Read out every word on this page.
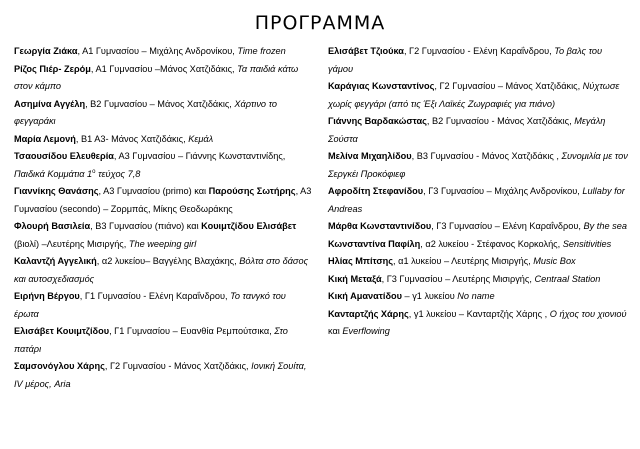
ΠΡΟΓΡΑΜΜΑ
Γεωργία Ζιάκα, Α1 Γυμνασίου – Μιχάλης Ανδρονίκου, Time frozen
Ρίζος Πιέρ- Ζερόμ, Α1 Γυμνασίου –Μάνος Χατζιδάκις, Τα παιδιά κάτω στον κάμπο
Ασημίνα Αγγέλη, Β2 Γυμνασίου – Μάνος Χατζιδάκις, Χάρτινο το φεγγαράκι
Μαρία Λεμονή, Β1 Α3- Μάνος Χατζιδάκις, Κεμάλ
Τσαουσίδου Ελευθερία, Α3 Γυμνασίου – Γιάννης Κωνσταντινίδης, Παιδικά Κομμάτια $1^o$ τεύχος 7,8
Γιαννίκης Θανάσης, Α3 Γυμνασίου (primo) και Παρούσης Σωτήρης, Α3 Γυμνασίου (secondo) – Ζορμπάς, Μίκης Θεοδωράκης
Φλουρή Βασιλεία, Β3 Γυμνασίου (πιάνο) και Κουιμτζίδου Ελισάβετ (βιολί) –Λευτέρης Μισιργής, The weeping girl
Καλαντζή Αγγελική, α2 λυκείου– Βαγγέλης Βλαχάκης, Βόλτα στο δάσος και αυτοσχεδιασμός
Ειρήνη Βέργου, Γ1 Γυμνασίου - Ελένη Καραΐνδρου, Το τανγκό του έρωτα
Ελισάβετ Κουιμτζίδου, Γ1 Γυμνασίου – Ευανθία Ρεμπούτσικα, Στο πατάρι
Σαμσονόγλου Χάρης, Γ2 Γυμνασίου - Μάνος Χατζιδάκις, Ιονική Σουίτα, IV μέρος, Aria
Ελισάβετ Τζιούκα, Γ2 Γυμνασίου - Ελένη Καραΐνδρου, Το βαλς του γάμου
Καράγιας Κωνσταντίνος, Γ2 Γυμνασίου – Μάνος Χατζιδάκις, Νύχτωσε χωρίς φεγγάρι (από τις Έξι Λαϊκές Ζωγραφιές για πιάνο)
Γιάννης Βαρδακώστας, Β2 Γυμνασίου - Μάνος Χατζιδάκις, Μεγάλη Σούστα
Μελίνα Μιχαηλίδου, Β3 Γυμνασίου - Μάνος Χατζιδάκις , Συνομιλία με τον Σεργκέι Προκόφιεφ
Αφροδίτη Στεφανίδου, Γ3 Γυμνασίου – Μιχάλης Ανδρονίκου, Lullaby for Andreas
Μάρθα Κωνσταντινίδου, Γ3 Γυμνασίου – Ελένη Καραΐνδρου, By the sea
Κωνσταντίνα Παφίλη, α2 λυκείου - Στέφανος Κορκολής, Sensitivities
Ηλίας Μπίτσης, α1 λυκείου – Λευτέρης Μισιργής, Music Box
Κική Μεταξά, Γ3 Γυμνασίου – Λευτέρης Μισιργής, Centraal Station
Κική Αμανατίδου – γ1 λυκείου No name
Κανταρτζής Χάρης, γ1 λυκείου – Κανταρτζής Χάρης , Ο ήχος του χιονιού και Everflowing
